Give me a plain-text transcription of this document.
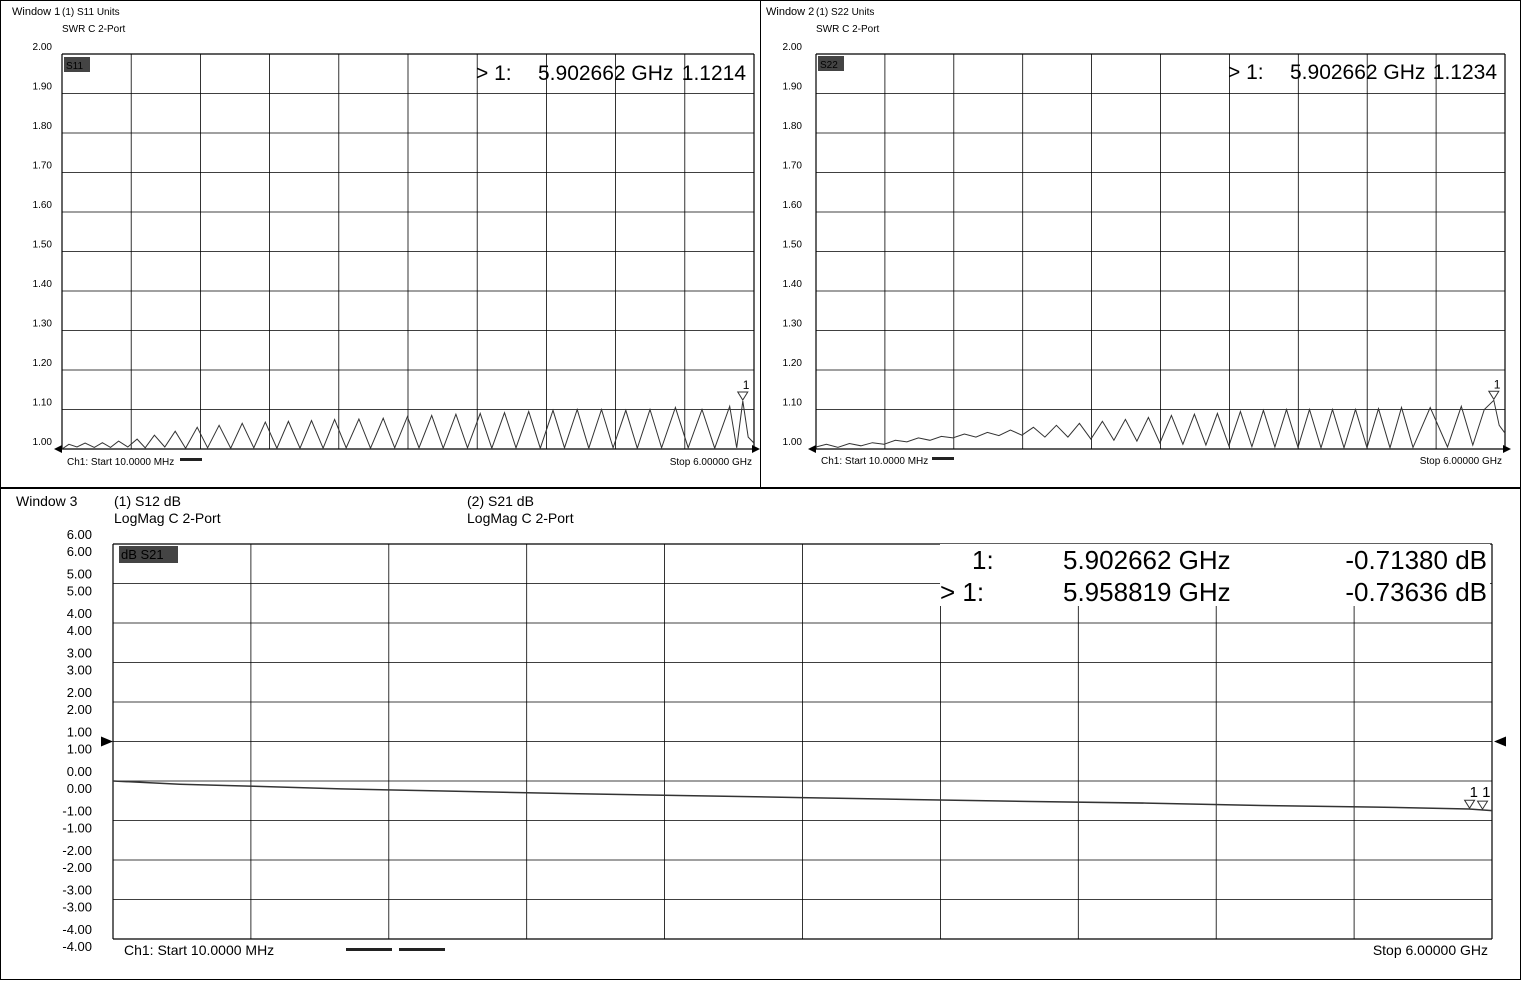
Window 1 (1) S11 Units
SWR C 2-Port
2.00
1.90
1.80
1.70
1.60
1.50
1.40
1.30
1.20
1.10
1.00
1
S11	> 1: 5.902662 GHz 1.1214
Ch1: Start 10.0000 MHz	Stop 6.00000 GHz
Window 2 (1) S22 Units
SWR C 2-Port
2.00
1.90
1.80
1.70
1.60
1.50
1.40
1.30
1.20
1.10
1.00
1
S22	> 1: 5.902662 GHz 1.1234
Ch1: Start 10.0000 MHz	Stop 6.00000 GHz
Window 3	(1) S12 dB
LogMag C 2-Port
(2) S21 dB
LogMag C 2-Port
6.00
6.00
5.00
5.00
4.00
4.00
3.00
3.00
2.00
2.00
1.00
1.00
0.00
0.00
-1.00
-1.00
-2.00
-2.00
-3.00
-3.00
-4.00
-4.00
1 1
dB S21	1:	5.902662 GHz	-0.71380 dB
> 1:	5.958819 GHz	-0.73636 dB
Ch1: Start 10.0000 MHz	Stop 6.00000 GHz
